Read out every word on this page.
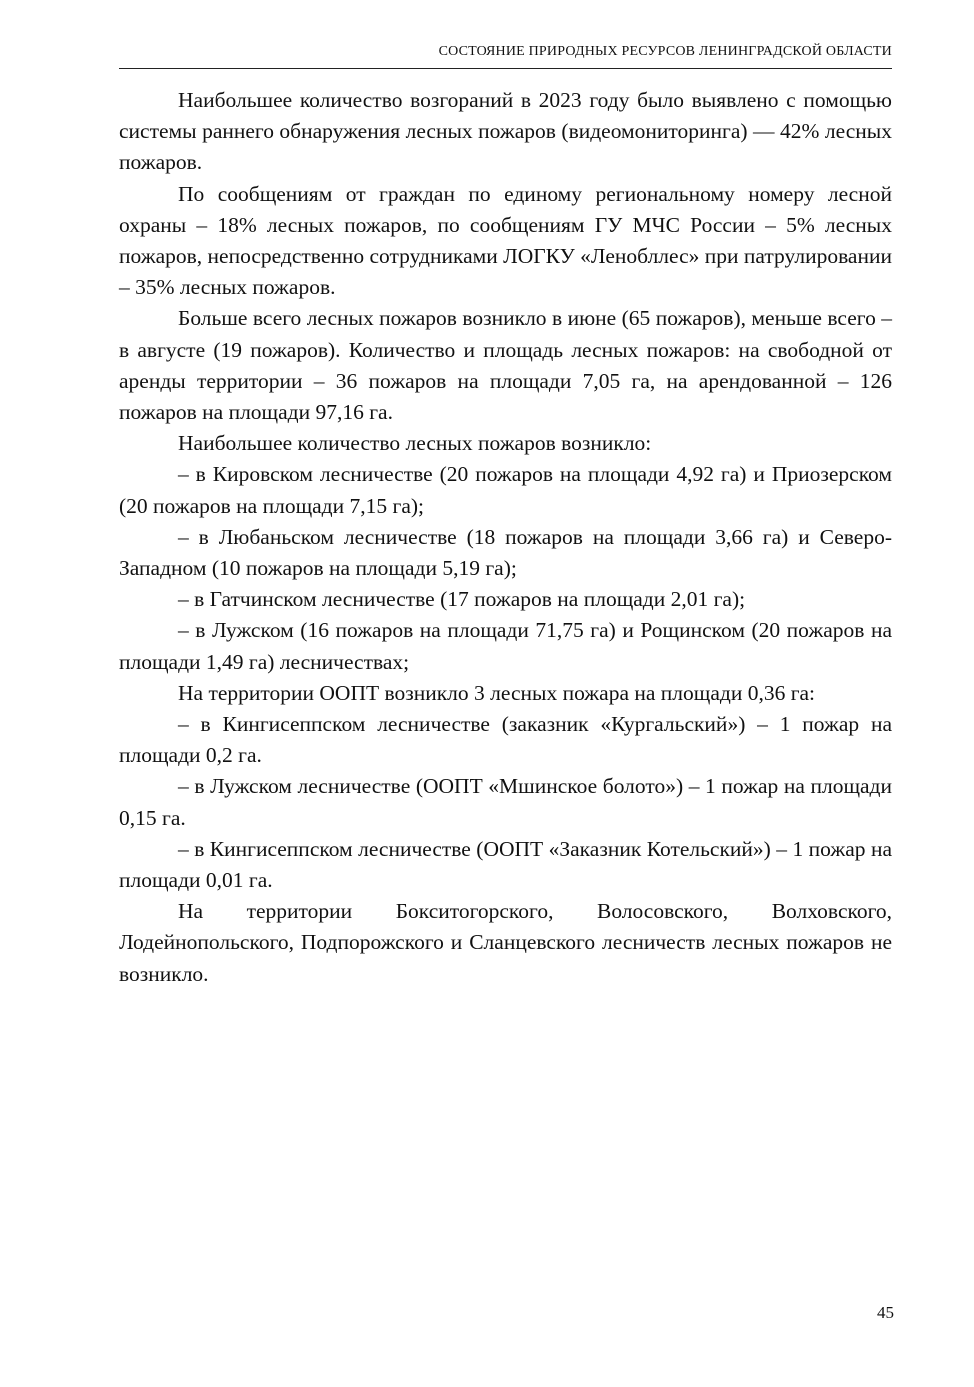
СОСТОЯНИЕ ПРИРОДНЫХ РЕСУРСОВ ЛЕНИНГРАДСКОЙ ОБЛАСТИ

Наибольшее количество возгораний в 2023 году было выявлено с помощью системы раннего обнаружения лесных пожаров (видеомониторинга) — 42% лесных пожаров.

По сообщениям от граждан по единому региональному номеру лесной охраны – 18% лесных пожаров, по сообщениям ГУ МЧС России – 5% лесных пожаров, непосредственно сотрудниками ЛОГКУ «Ленобллес» при патрулировании – 35% лесных пожаров.

Больше всего лесных пожаров возникло в июне (65 пожаров), меньше всего – в августе (19 пожаров). Количество и площадь лесных пожаров: на свободной от аренды территории – 36 пожаров на площади 7,05 га, на арендованной – 126 пожаров на площади 97,16 га.

Наибольшее количество лесных пожаров возникло:

– в Кировском лесничестве (20 пожаров на площади 4,92 га) и Приозерском (20 пожаров на площади 7,15 га);

– в Любаньском лесничестве (18 пожаров на площади 3,66 га) и Северо-Западном (10 пожаров на площади 5,19 га);

– в Гатчинском лесничестве (17 пожаров на площади 2,01 га);

– в Лужском (16 пожаров на площади 71,75 га) и Рощинском (20 пожаров на площади 1,49 га) лесничествах;

На территории ООПТ возникло 3 лесных пожара на площади 0,36 га:

– в Кингисеппском лесничестве (заказник «Кургальский») – 1 пожар на площади 0,2 га.

– в Лужском лесничестве (ООПТ «Мшинское болото») – 1 пожар на площади 0,15 га.

– в Кингисеппском лесничестве (ООПТ «Заказник Котельский») – 1 пожар на площади 0,01 га.

На территории Бокситогорского, Волосовского, Волховского, Лодейнопольского, Подпорожского и Сланцевского лесничеств лесных пожаров не возникло.

45
